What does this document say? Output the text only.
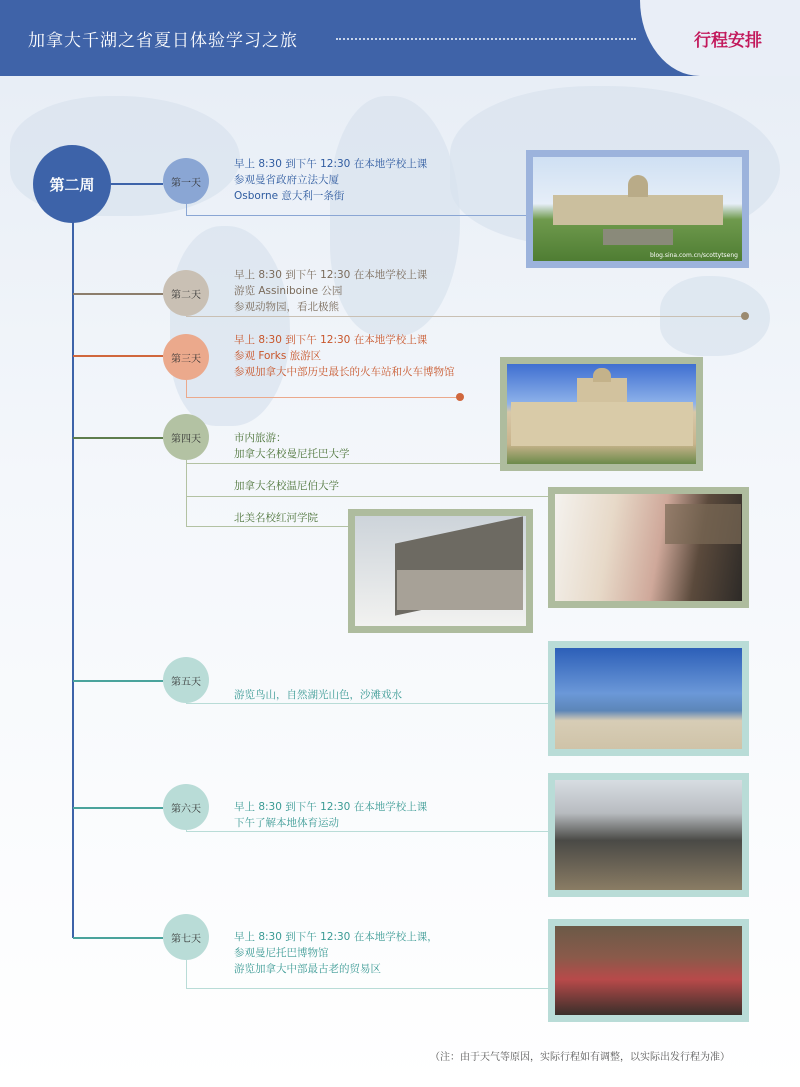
加拿大千湖之省夏日体验学习之旅	行程安排
第二周	第一天
早上 8:30 到下午 12:30 在本地学校上课
参观曼省政府立法大厦
Osborne 意大利一条街
blog.sina.com.cn/scottytseng
第二天
早上 8:30 到下午 12:30 在本地学校上课
游览 Assiniboine 公园
参观动物园，看北极熊
第三天
早上 8:30 到下午 12:30 在本地学校上课
参观 Forks 旅游区
参观加拿大中部历史最长的火车站和火车博物馆
第四天	市内旅游：
加拿大名校曼尼托巴大学
加拿大名校温尼伯大学
北美名校红河学院
第五天
游览鸟山，自然湖光山色，沙滩戏水
第六天	早上 8:30 到下午 12:30 在本地学校上课
下午了解本地体育运动
第七天	早上 8:30 到下午 12:30 在本地学校上课，
参观曼尼托巴博物馆
游览加拿大中部最古老的贸易区
（注：由于天气等原因，实际行程如有调整，以实际出发行程为准）
